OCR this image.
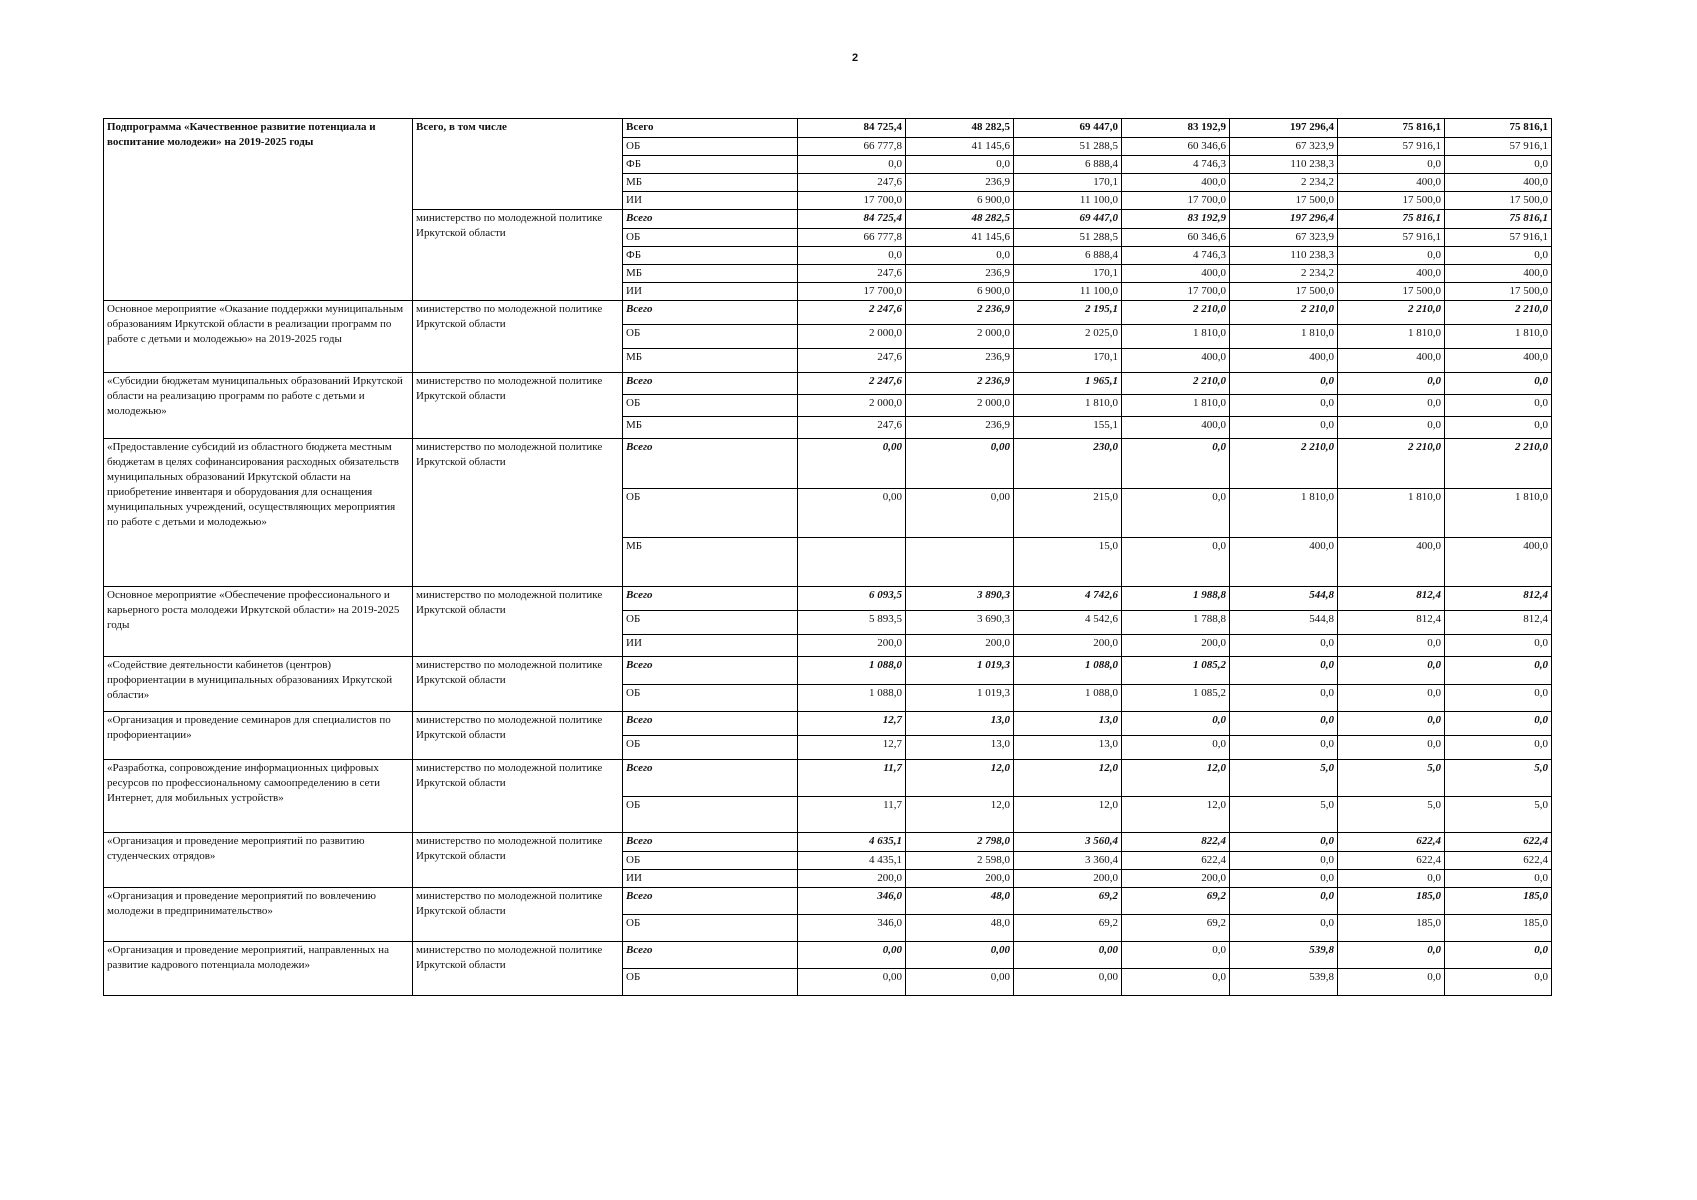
2
Подпрограмма «Качественное развитие потенциала и воспитание молодежи» на 2019-2025 годы	Всего, в том числе	Всего	84 725,4	48 282,5	69 447,0	83 192,9	197 296,4	75 816,1	75 816,1
		ОБ	66 777,8	41 145,6	51 288,5	60 346,6	67 323,9	57 916,1	57 916,1
		ФБ	0,0	0,0	6 888,4	4 746,3	110 238,3	0,0	0,0
		МБ	247,6	236,9	170,1	400,0	2 234,2	400,0	400,0
		ИИ	17 700,0	6 900,0	11 100,0	17 700,0	17 500,0	17 500,0	17 500,0
	министерство по молодежной политике Иркутской области	Всего	84 725,4	48 282,5	69 447,0	83 192,9	197 296,4	75 816,1	75 816,1
		ОБ	66 777,8	41 145,6	51 288,5	60 346,6	67 323,9	57 916,1	57 916,1
		ФБ	0,0	0,0	6 888,4	4 746,3	110 238,3	0,0	0,0
		МБ	247,6	236,9	170,1	400,0	2 234,2	400,0	400,0
		ИИ	17 700,0	6 900,0	11 100,0	17 700,0	17 500,0	17 500,0	17 500,0
Основное мероприятие «Оказание поддержки муниципальным образованиям Иркутской области в реализации программ по работе с детьми и молодежью» на 2019-2025 годы	министерство по молодежной политике Иркутской области	Всего	2 247,6	2 236,9	2 195,1	2 210,0	2 210,0	2 210,0	2 210,0
		ОБ	2 000,0	2 000,0	2 025,0	1 810,0	1 810,0	1 810,0	1 810,0
		МБ	247,6	236,9	170,1	400,0	400,0	400,0	400,0
«Субсидии бюджетам муниципальных образований Иркутской области на реализацию программ по работе с детьми и молодежью»	министерство по молодежной политике Иркутской области	Всего	2 247,6	2 236,9	1 965,1	2 210,0	0,0	0,0	0,0
		ОБ	2 000,0	2 000,0	1 810,0	1 810,0	0,0	0,0	0,0
		МБ	247,6	236,9	155,1	400,0	0,0	0,0	0,0
«Предоставление субсидий из областного бюджета местным бюджетам в целях софинансирования расходных обязательств муниципальных образований Иркутской области на приобретение инвентаря и оборудования для оснащения муниципальных учреждений, осуществляющих мероприятия по работе с детьми и молодежью»	министерство по молодежной политике Иркутской области	Всего	0,00	0,00	230,0	0,0	2 210,0	2 210,0	2 210,0
		ОБ	0,00	0,00	215,0	0,0	1 810,0	1 810,0	1 810,0
		МБ			15,0	0,0	400,0	400,0	400,0
Основное мероприятие «Обеспечение профессионального и карьерного роста молодежи Иркутской области» на 2019-2025 годы	министерство по молодежной политике Иркутской области	Всего	6 093,5	3 890,3	4 742,6	1 988,8	544,8	812,4	812,4
		ОБ	5 893,5	3 690,3	4 542,6	1 788,8	544,8	812,4	812,4
		ИИ	200,0	200,0	200,0	200,0	0,0	0,0	0,0
«Содействие деятельности кабинетов (центров) профориентации в муниципальных образованиях Иркутской области»	министерство по молодежной политике Иркутской области	Всего	1 088,0	1 019,3	1 088,0	1 085,2	0,0	0,0	0,0
		ОБ	1 088,0	1 019,3	1 088,0	1 085,2	0,0	0,0	0,0
«Организация и проведение семинаров для специалистов по профориентации»	министерство по молодежной политике Иркутской области	Всего	12,7	13,0	13,0	0,0	0,0	0,0	0,0
		ОБ	12,7	13,0	13,0	0,0	0,0	0,0	0,0
«Разработка, сопровождение информационных цифровых ресурсов по профессиональному самоопределению в сети Интернет, для мобильных устройств»	министерство по молодежной политике Иркутской области	Всего	11,7	12,0	12,0	12,0	5,0	5,0	5,0
		ОБ	11,7	12,0	12,0	12,0	5,0	5,0	5,0
«Организация и проведение мероприятий по развитию студенческих отрядов»	министерство по молодежной политике Иркутской области	Всего	4 635,1	2 798,0	3 560,4	822,4	0,0	622,4	622,4
		ОБ	4 435,1	2 598,0	3 360,4	622,4	0,0	622,4	622,4
		ИИ	200,0	200,0	200,0	200,0	0,0	0,0	0,0
«Организация и проведение мероприятий по вовлечению молодежи в предпринимательство»	министерство по молодежной политике Иркутской области	Всего	346,0	48,0	69,2	69,2	0,0	185,0	185,0
		ОБ	346,0	48,0	69,2	69,2	0,0	185,0	185,0
«Организация и проведение мероприятий, направленных на развитие кадрового потенциала молодежи»	министерство по молодежной политике Иркутской области	Всего	0,00	0,00	0,00	0,0	539,8	0,0	0,0
		ОБ	0,00	0,00	0,00	0,0	539,8	0,0	0,0
